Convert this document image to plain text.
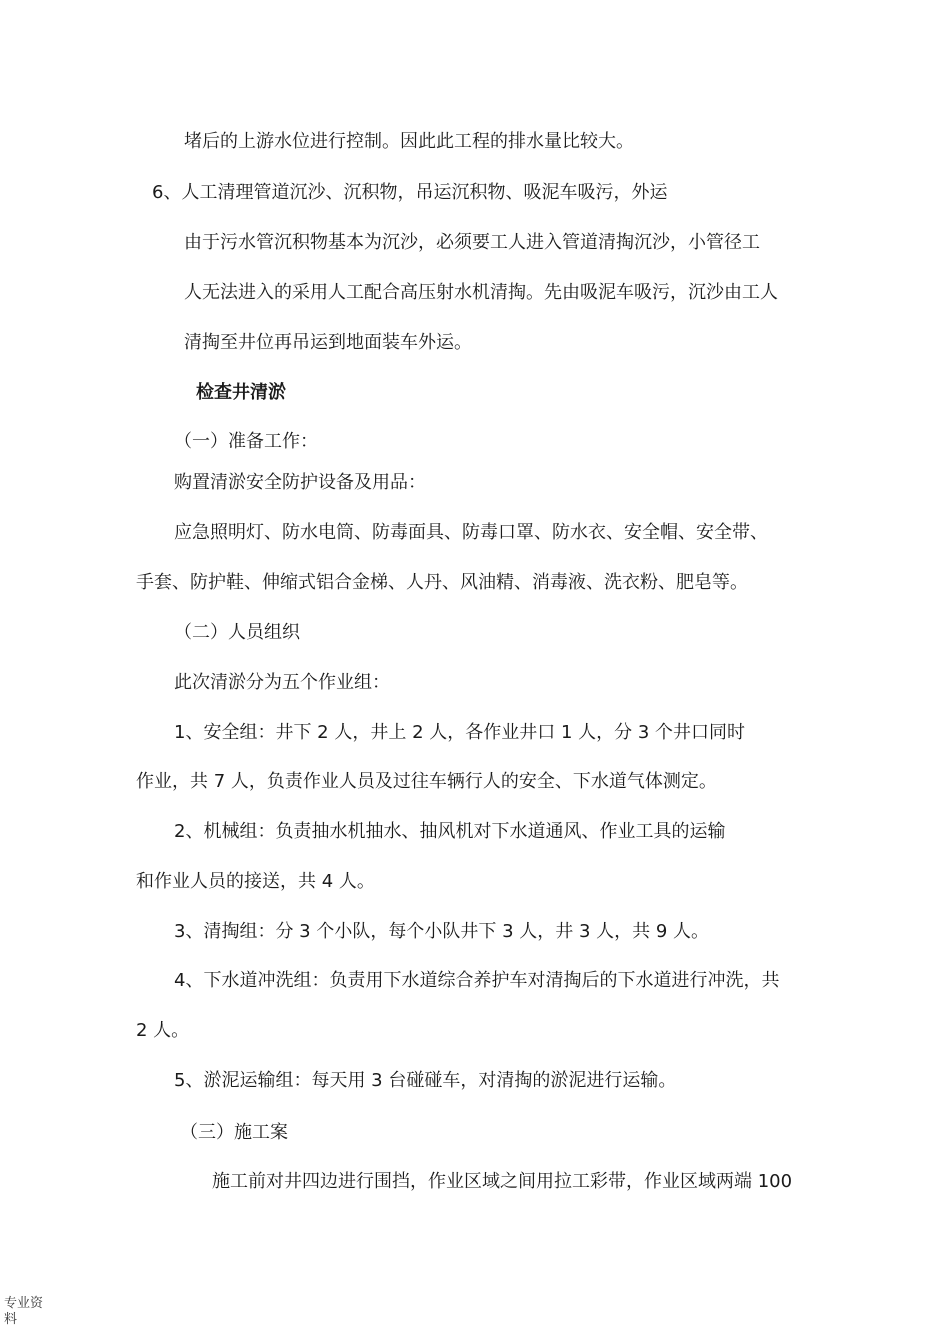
堵后的上游水位进行控制。因此此工程的排水量比较大。
6、人工清理管道沉沙、沉积物，吊运沉积物、吸泥车吸污，外运
由于污水管沉积物基本为沉沙，必须要工人进入管道清掏沉沙，小管径工
人无法进入的采用人工配合高压射水机清掏。先由吸泥车吸污，沉沙由工人
清掏至井位再吊运到地面装车外运。
检查井清淤
（一）准备工作：
购置清淤安全防护设备及用品：
应急照明灯、防水电筒、防毒面具、防毒口罩、防水衣、安全帽、安全带、
手套、防护鞋、伸缩式铝合金梯、人丹、风油精、消毒液、洗衣粉、肥皂等。
（二）人员组织
此次清淤分为五个作业组：
1、安全组：井下 2 人，井上 2 人，各作业井口 1 人，分 3 个井口同时
作业，共 7 人，负责作业人员及过往车辆行人的安全、下水道气体测定。
2、机械组：负责抽水机抽水、抽风机对下水道通风、作业工具的运输
和作业人员的接送，共 4 人。
3、清掏组：分 3 个小队，每个小队井下 3 人，井 3 人，共 9 人。
4、下水道冲洗组：负责用下水道综合养护车对清掏后的下水道进行冲洗，共
2 人。
5、淤泥运输组：每天用 3 台碰碰车，对清掏的淤泥进行运输。
（三）施工案
施工前对井四边进行围挡，作业区域之间用拉工彩带，作业区域两端 100
专业资料
